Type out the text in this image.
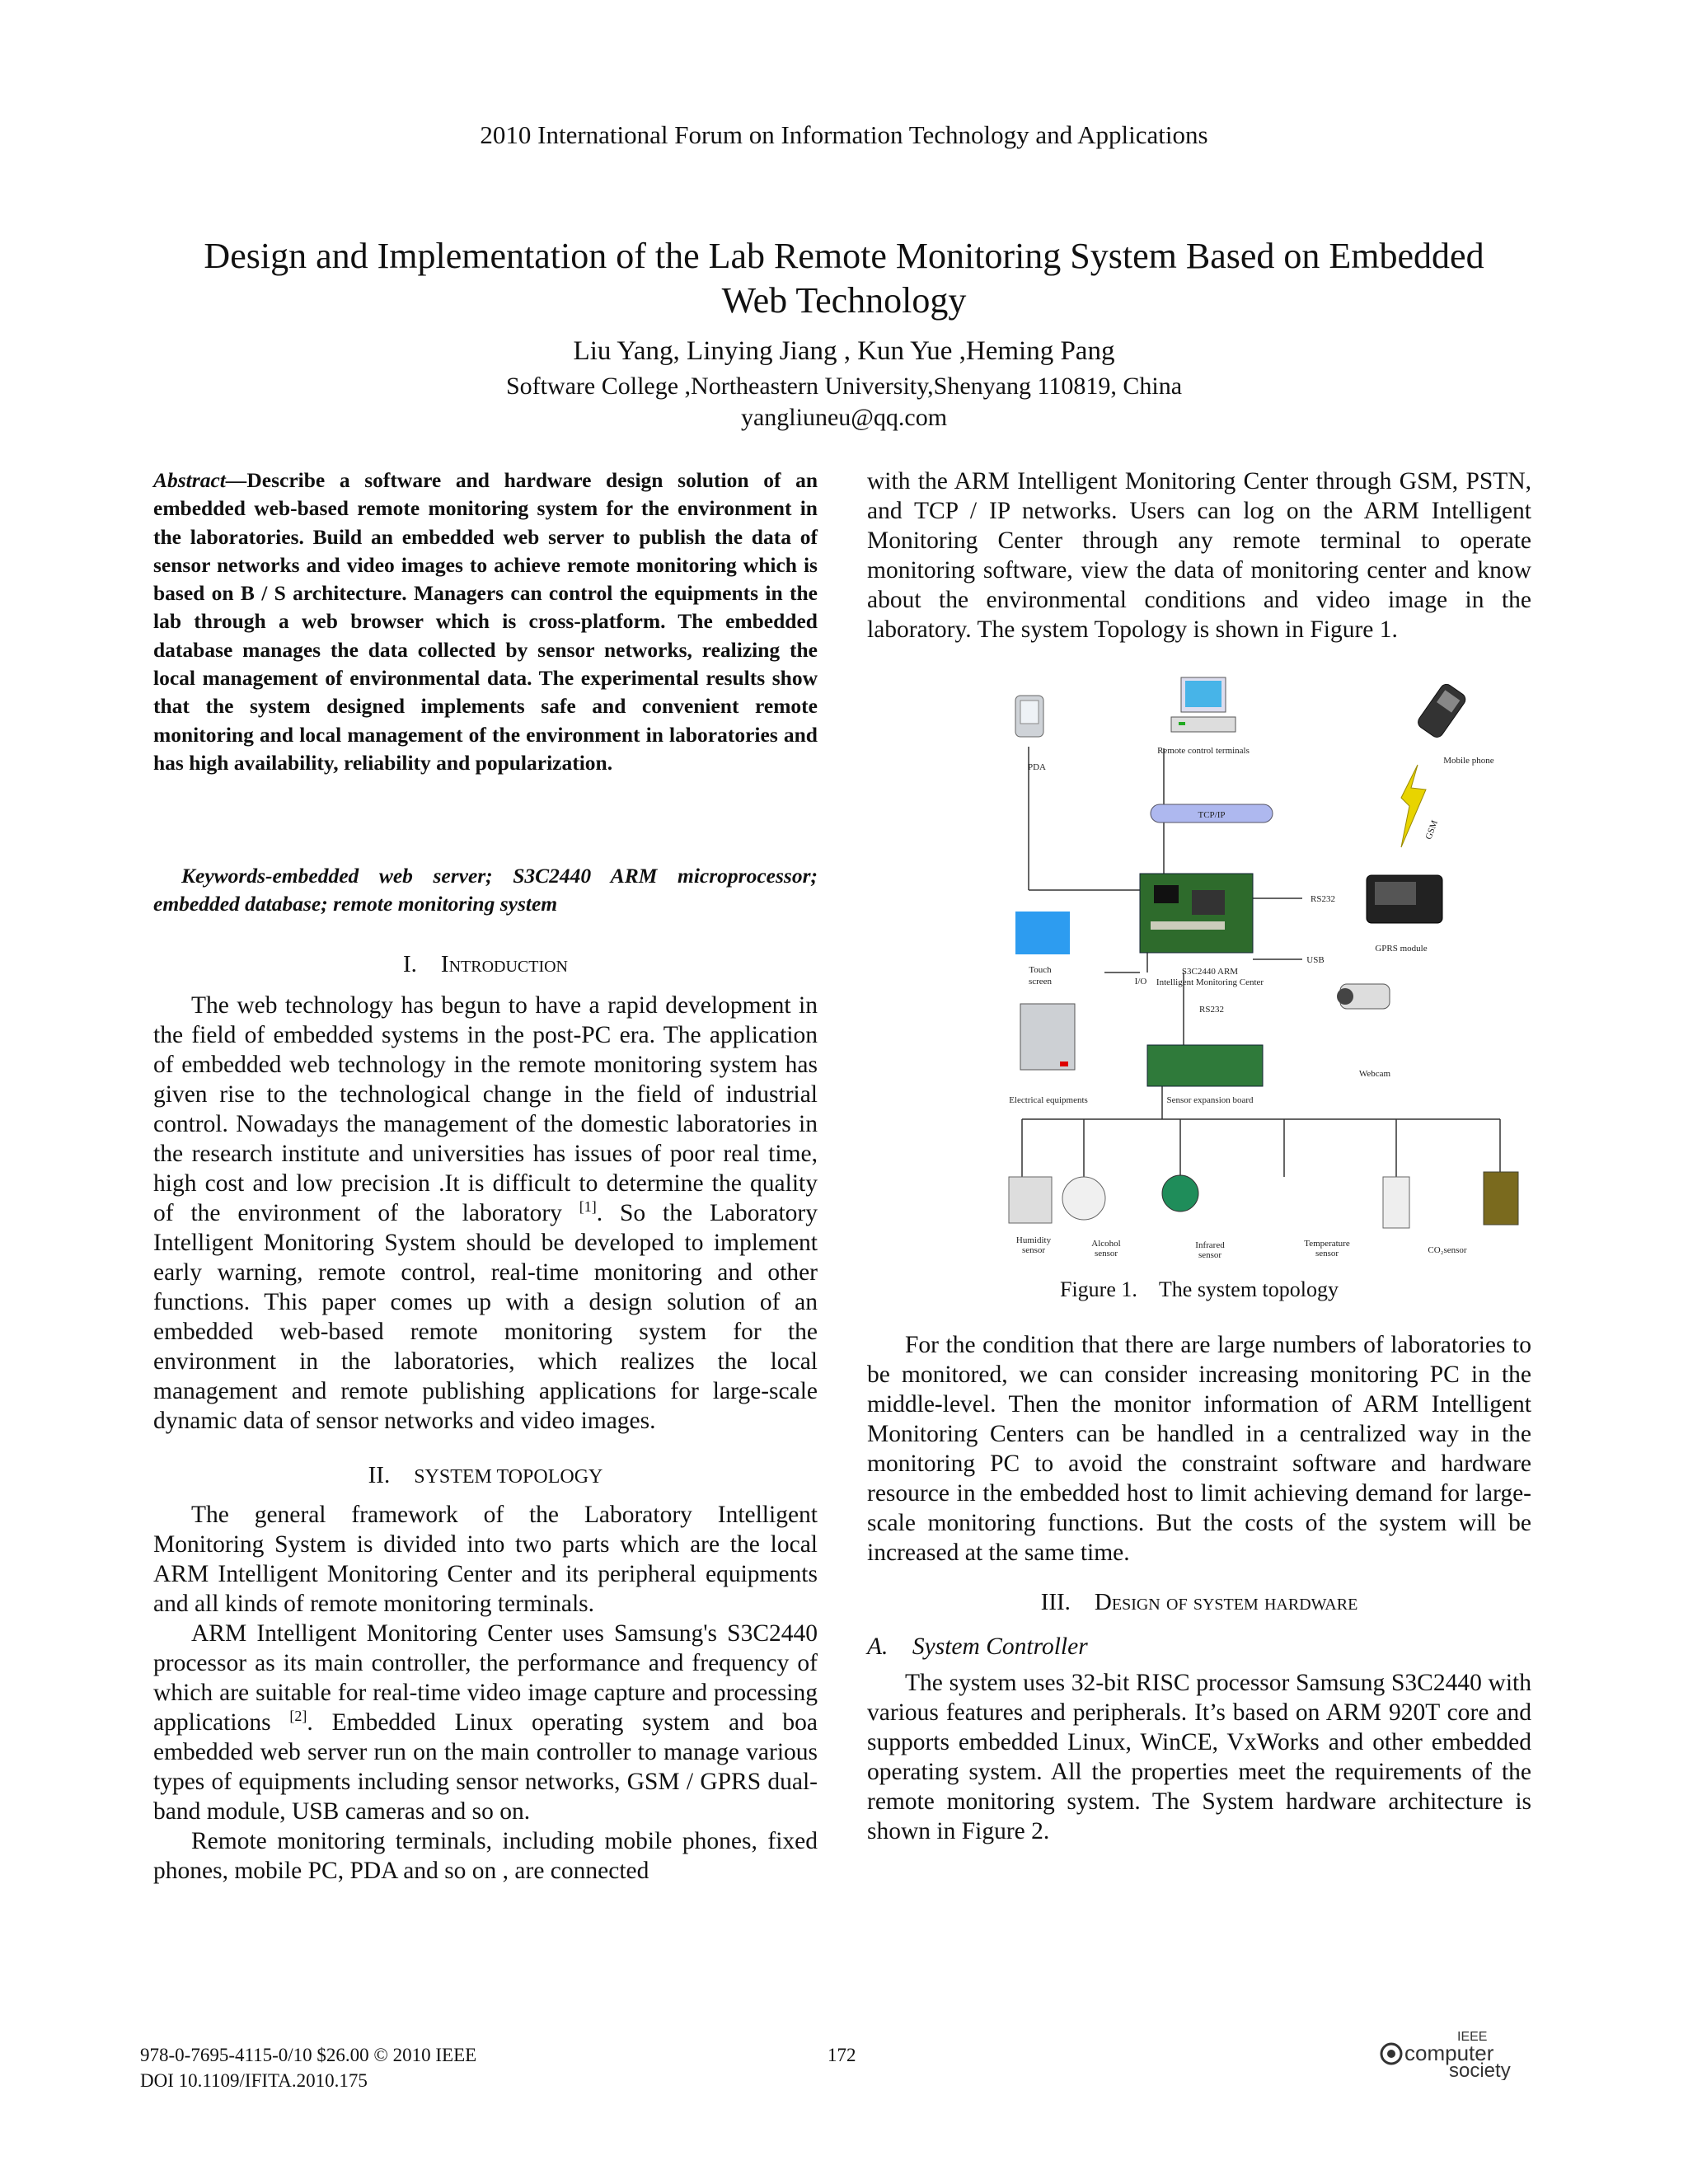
2010 International Forum on Information Technology and Applications
Design and Implementation of the Lab Remote Monitoring System Based on Embedded
Web Technology
Liu Yang, Linying Jiang , Kun Yue ,Heming Pang
Software College ,Northeastern University,Shenyang 110819, China
yangliuneu@qq.com
Abstract—Describe a software and hardware design solution of an embedded web-based remote monitoring system for the environment in the laboratories. Build an embedded web server to publish the data of sensor networks and video images to achieve remote monitoring which is based on B / S architecture. Managers can control the equipments in the lab through a web browser which is cross-platform. The embedded database manages the data collected by sensor networks, realizing the local management of environmental data. The experimental results show that the system designed implements safe and convenient remote monitoring and local management of the environment in laboratories and has high availability, reliability and popularization.
Keywords-embedded web server; S3C2440 ARM microprocessor; embedded database; remote monitoring system
I. Introduction

The web technology has begun to have a rapid development in the field of embedded systems in the post-PC era. The application of embedded web technology in the remote monitoring system has given rise to the technological change in the field of industrial control. Nowadays the management of the domestic laboratories in the research institute and universities has issues of poor real time, high cost and low precision .It is difficult to determine the quality of the environment of the laboratory [1]. So the Laboratory Intelligent Monitoring System should be developed to implement early warning, remote control, real-time monitoring and other functions. This paper comes up with a design solution of an embedded web-based remote monitoring system for the environment in the laboratories, which realizes the local management and remote publishing applications for large-scale dynamic data of sensor networks and video images.

II. SYSTEM TOPOLOGY

The general framework of the Laboratory Intelligent Monitoring System is divided into two parts which are the local ARM Intelligent Monitoring Center and its peripheral equipments and all kinds of remote monitoring terminals.

ARM Intelligent Monitoring Center uses Samsung's S3C2440 processor as its main controller, the performance and frequency of which are suitable for real-time video image capture and processing applications [2]. Embedded Linux operating system and boa embedded web server run on the main controller to manage various types of equipments including sensor networks, GSM / GPRS dual-band module, USB cameras and so on.

Remote monitoring terminals, including mobile phones, fixed phones, mobile PC, PDA and so on , are connected

with the ARM Intelligent Monitoring Center through GSM, PSTN, and TCP / IP networks. Users can log on the ARM Intelligent Monitoring Center through any remote terminal to operate monitoring software, view the data of monitoring center and know about the environmental conditions and video image in the laboratory. The system Topology is shown in Figure 1.
PDA
Remote control terminals
Mobile phone
TCP/IP
GSM
RS232
GPRS module
USB
Touch
screen	I/O
S3C2440 ARM
Intelligent Monitoring Center
RS232
Webcam
Electrical equipments	Sensor expansion board
Humidity
sensor
Alcohol
sensor
Infrared
sensor
Temperature
sensor	CO₂sensor
Figure 1. The system topology

For the condition that there are large numbers of laboratories to be monitored, we can consider increasing monitoring PC in the middle-level. Then the monitor information of ARM Intelligent Monitoring Centers can be handled in a centralized way in the monitoring PC to avoid the constraint software and hardware resource in the embedded host to limit achieving demand for large-scale monitoring functions. But the costs of the system will be increased at the same time.

III. Design of system hardware
A. System Controller

The system uses 32-bit RISC processor Samsung S3C2440 with various features and peripherals. It’s based on ARM 920T core and supports embedded Linux, WinCE, VxWorks and other embedded operating system. All the properties meet the requirements of the remote monitoring system. The System hardware architecture is shown in Figure 2.

978-0-7695-4115-0/10 $26.00 © 2010 IEEE
DOI 10.1109/IFITA.2010.175
172
IEEE
computer
society
